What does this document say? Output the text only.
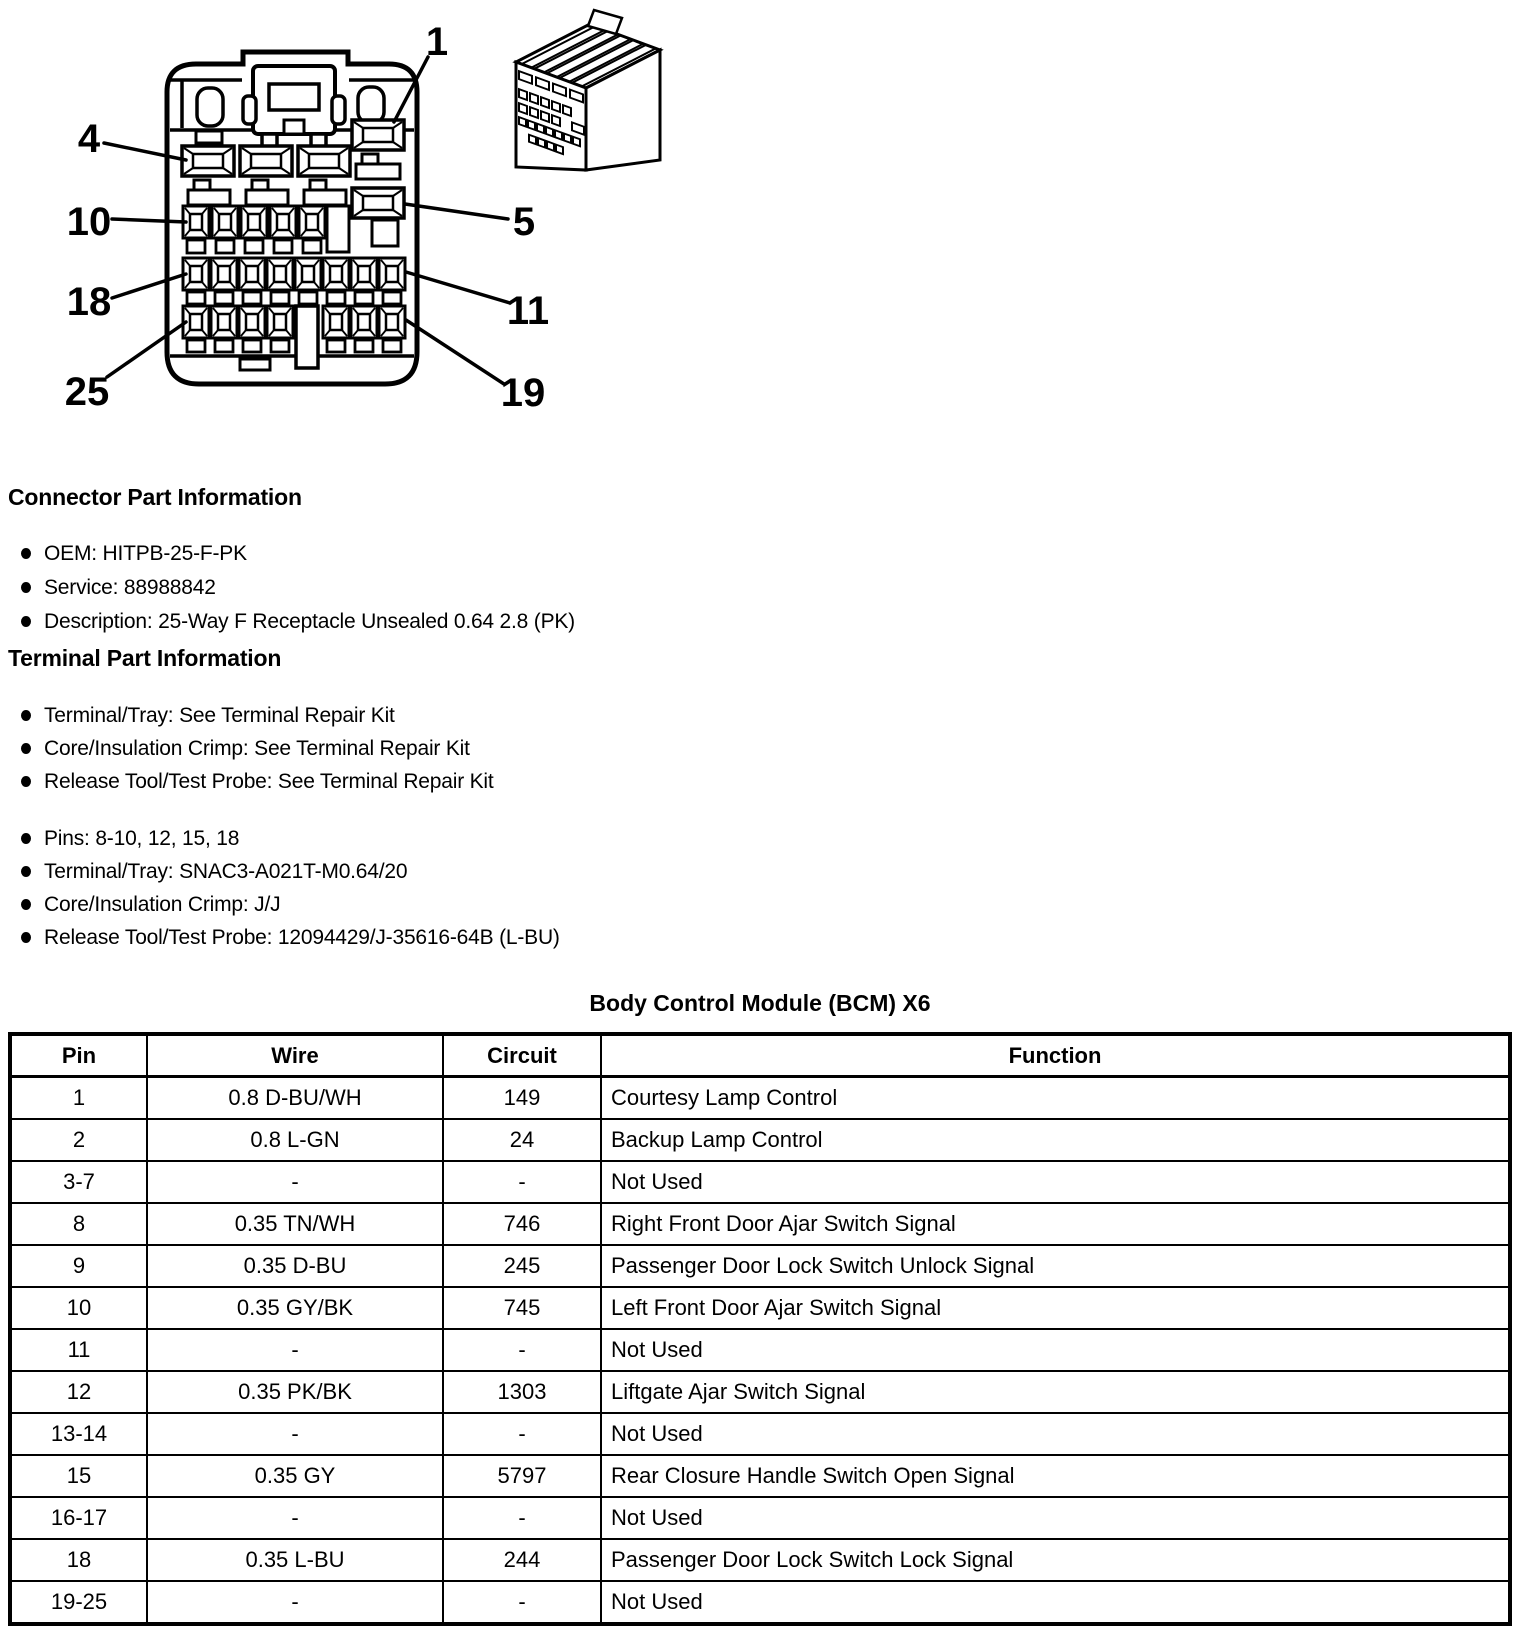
1
4
10
18
25
5
11
19
Connector Part Information
OEM: HITPB-25-F-PK
Service: 88988842
Description: 25-Way F Receptacle Unsealed 0.64 2.8 (PK)
Terminal Part Information
Terminal/Tray: See Terminal Repair Kit
Core/Insulation Crimp: See Terminal Repair Kit
Release Tool/Test Probe: See Terminal Repair Kit
Pins: 8-10, 12, 15, 18
Terminal/Tray: SNAC3-A021T-M0.64/20
Core/Insulation Crimp: J/J
Release Tool/Test Probe: 12094429/J-35616-64B (L-BU)
Body Control Module (BCM) X6
Pin	Wire	Circuit	Function
1	0.8 D-BU/WH	149	Courtesy Lamp Control
2	0.8 L-GN	24	Backup Lamp Control
3-7	-	-	Not Used
8	0.35 TN/WH	746	Right Front Door Ajar Switch Signal
9	0.35 D-BU	245	Passenger Door Lock Switch Unlock Signal
10	0.35 GY/BK	745	Left Front Door Ajar Switch Signal
11	-	-	Not Used
12	0.35 PK/BK	1303	Liftgate Ajar Switch Signal
13-14	-	-	Not Used
15	0.35 GY	5797	Rear Closure Handle Switch Open Signal
16-17	-	-	Not Used
18	0.35 L-BU	244	Passenger Door Lock Switch Lock Signal
19-25	-	-	Not Used
